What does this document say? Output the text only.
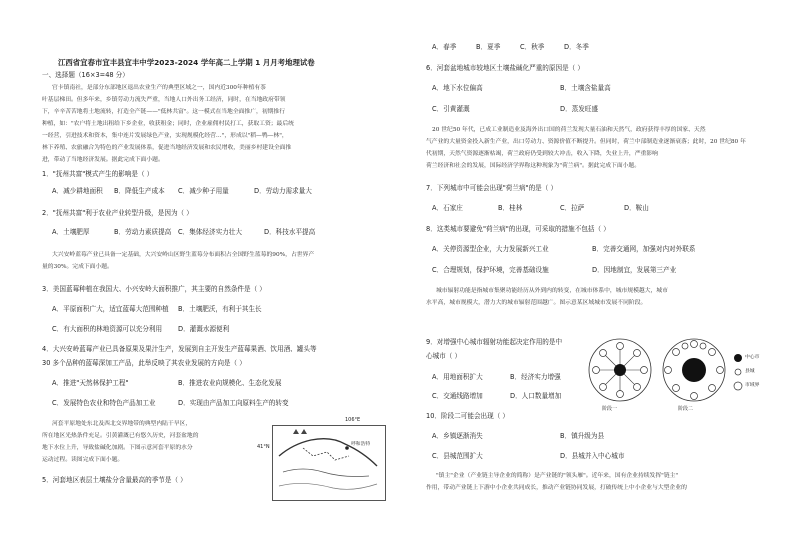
江西省宜春市宜丰县宜丰中学2023-2024 学年高二上学期 1 月月考地理试卷
一、选择题（16×3=48 分）
官卡镇南社，是部分东部地区退出农业生产的典型区域之一，国内近300年种植有茶
叶基层梯田。但多年来，乡镇劳动力流失严重，当地人口外出务工经济，同时，在当地政府带领
下，辛辛苦苦地将土地流转，打造全产链——"低林共富"。这一模式在当地全面推广，初期推行
种植，如："农户将土地出租给下乡企业，收获租金；同时，企业雇佣村民打工，获取工资；最后统
一经营，引进技术和资本，集中连片发展绿色产业，实现规模化经营…"，形成以"稻—鸭—林"，
林下养殖、农旅融合为特色的产业发展体系，促进当地经济发展和农民增收，美丽乡村建设全面推
进，带动了当地经济发展。据此完成下面小题。
1．"抚州共富"模式产生的影响是（ ）
A．减少耕地面积 B．降低生产成本 C．减少种子用量	D．劳动力需求量大
2．"抚州共富"利于农业产业转型升级，是因为（ ）
A．土壤肥厚	B．劳动力素质提高 C．集体经济实力壮大	D．科技水平提高
大兴安岭蓝莓产业已具备一定基础，大兴安岭山区野生蓝莓分布面积占全国野生蓝莓的90%，占世界产
量的30%。完成下面小题。
3．美国蓝莓种植在我国大、小兴安岭大面积推广，其主要的自然条件是（ ）
A．平原面积广大，适宜蓝莓大范围种植 B．土壤肥沃，有利于其生长
C．有大面积的林地资源可以充分利用 D．灌溉水源便利
4．大兴安岭蓝莓产业已具备原果及果汁生产，发展到自主开发生产蓝莓果酒、饮用酒、罐头等
30 多个品种的蓝莓深加工产品，此举反映了其农业发展的方向是（ ）
A．推进"天然林保护工程"	B．推进农业向规模化、生态化发展
C．发展特色农业和特色产品加工业	D．实现由产品加工向原料生产的转变
河套平原地处东北及西北交界地带的典型内陆干旱区，
所在地区光热条件充足。引黄灌溉已有悠久历史，河套盆地的
地下水位上升，导致盐碱化加剧。下图示意河套平原的水分
运动过程。读图完成下面小题。
5．河套地区表层土壤盐分含量最高的季节是（ ）
106°E
41°N	呼和浩特
A．春季	B．夏季	C．秋季	D．冬季
6．河套盆地城市较地区土壤盐碱化严重的原因是（ ）
A．地下水位偏高	B．土壤含盐量高
C．引黄灌溉	D．蒸发旺盛
20 世纪50 年代，已成工业制造业及海外出口国的荷兰发现大量石油和天然气，政府获得丰厚的国家、天然
气产业的大量资金投入新生产业，出口劳动力、资源价值不断提升。但同时，荷兰中部制造业逐渐衰落；此时，20 世纪80 年
代初期，天然气资源逐渐枯竭，荷兰政府仍受到较大冲击，收入下降，失业上升，严重影响
荷兰经济和社会的发展，国际经济学界称这种现象为"荷兰病"。据此完成下面小题。
7．下列城市中可能会出现"荷兰病"的是（ ）
A．石家庄	B．桂林	C．拉萨	D．鞍山
8．这类城市要避免"荷兰病"的出现，可采取的措施不包括（ ）
A．关停资源型企业，大力发展新兴工业	B．完善交通网，加强对内对外联系
C．合理规划，保护环境，完善基础设施	D．因地制宜，发展第三产业
城市辐射功能是指城市集聚功能经历从外到内的转变，在城市体系中，城市规模越大，城市
水平高，城市规模大，潜力大的城市辐射范围越广。图示意某区域城市发展不同阶段。
9．对增强中心城市辐射功能起决定作用的是中
心城市（ ）
A．用地面积扩大	B．经济实力增强
C．交通线路增加	D．人口数量增加
10．阶段二可能会出现（ ）
A．乡镇逐渐消失	B．镇升级为县
C．县城范围扩大	D．县城并入中心城市
"镇主"企业（产业链主导企业的简称）是产业链的"领头雁"。近年来，国有企业持续发挥"链主"
作用，带动产业链上下游中小企业共同成长，推动产业链协同发展，打破传统上中小企业与大型企业的
阶段一	阶段二
中心市
县城
市域界
